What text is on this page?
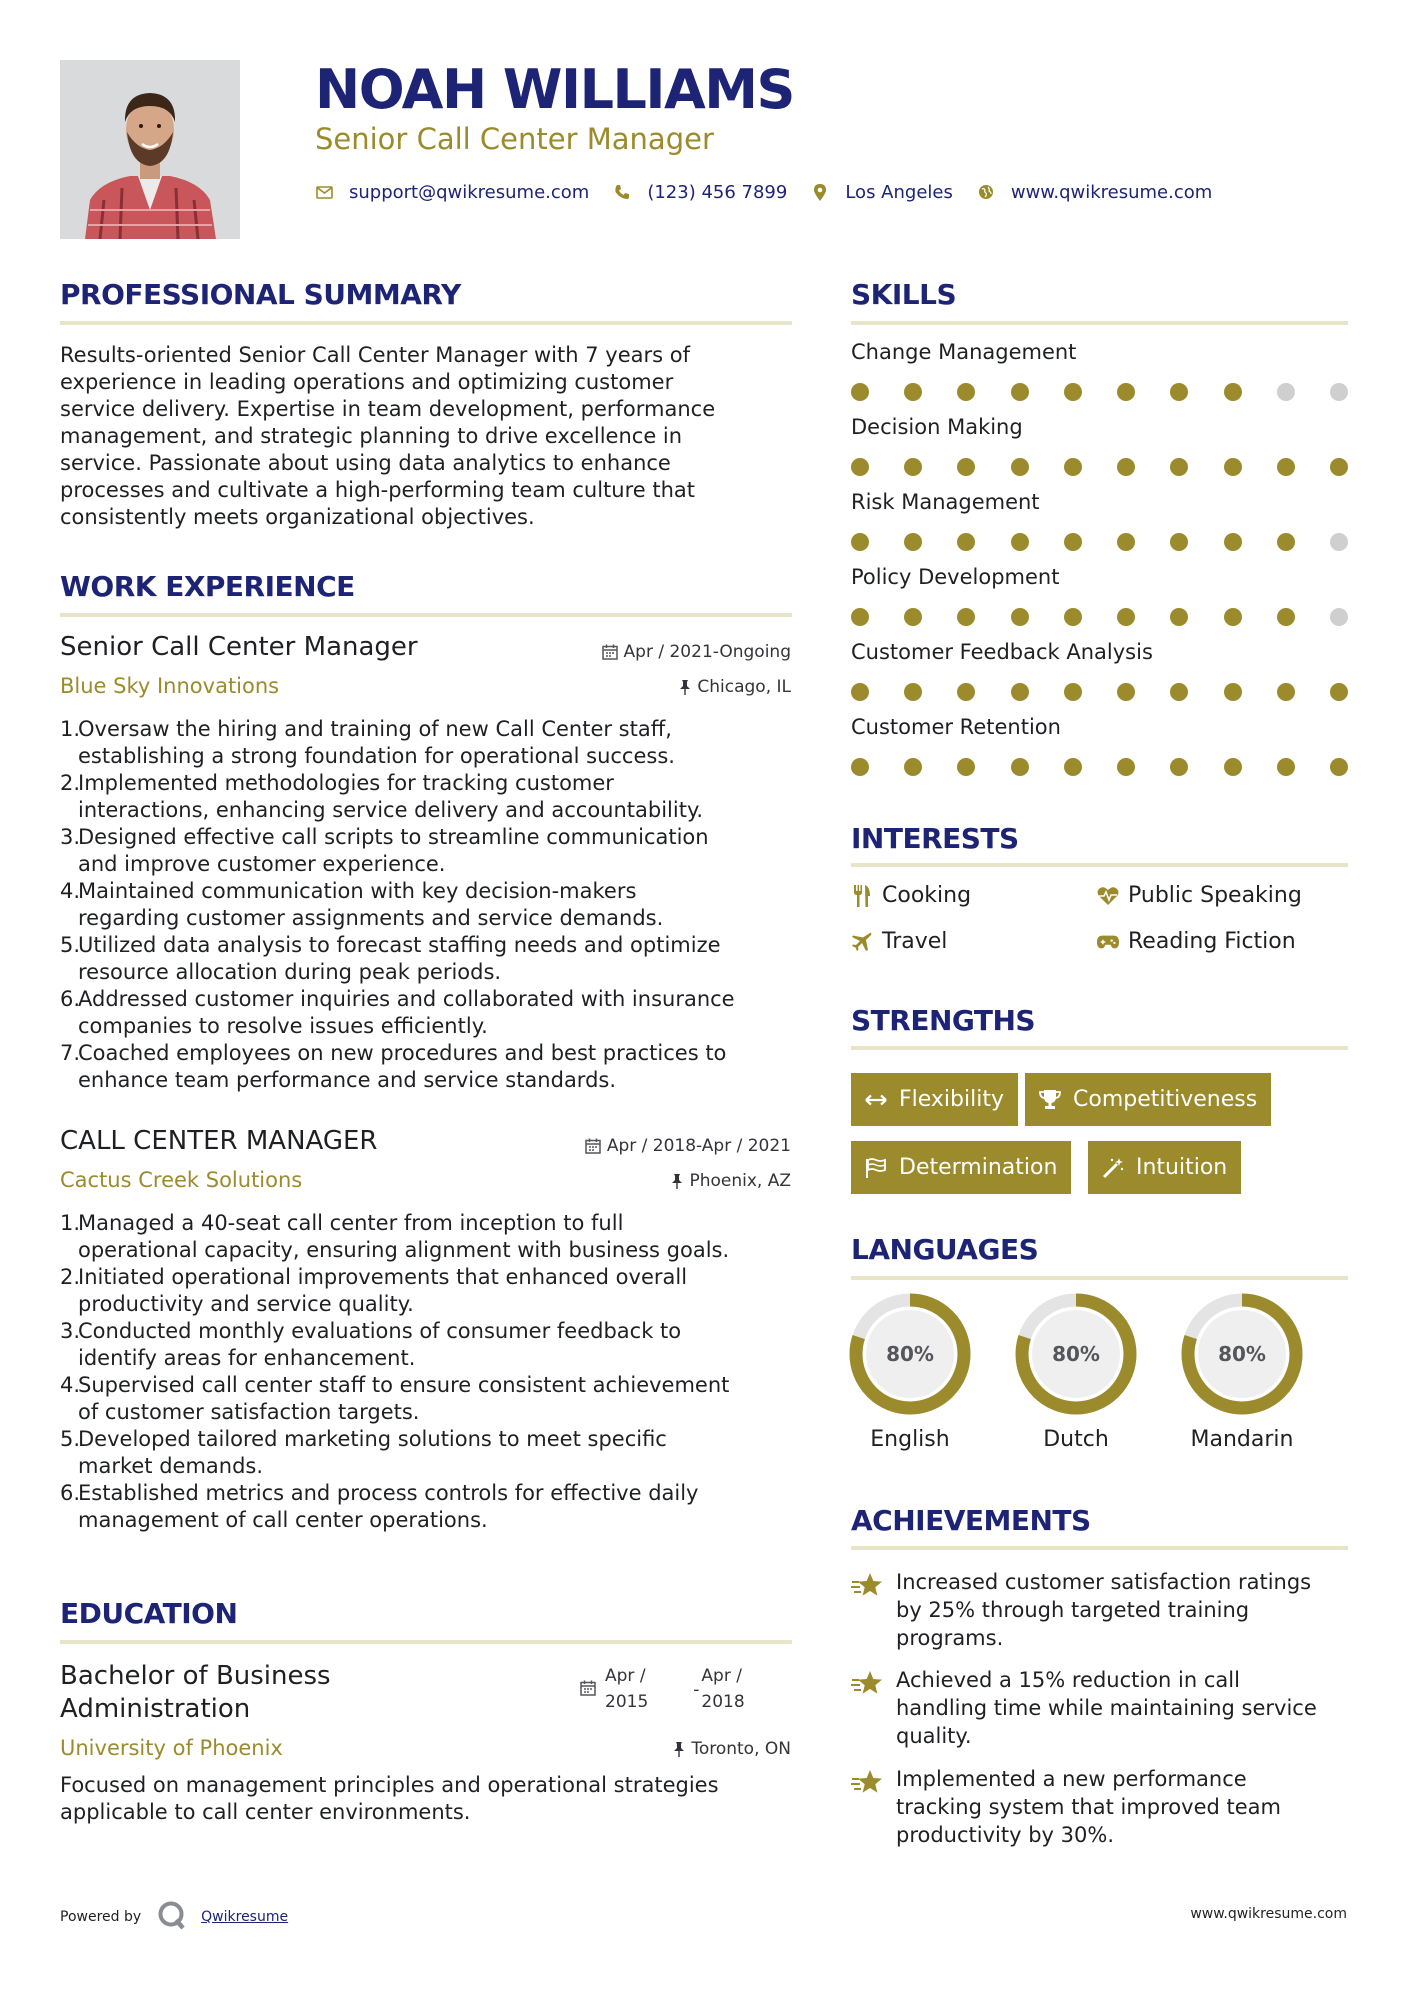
NOAH WILLIAMS
Senior Call Center Manager
support@qwikresume.com	(123) 456 7899	Los Angeles	www.qwikresume.com
PROFESSIONAL SUMMARY
Results-oriented Senior Call Center Manager with 7 years of
experience in leading operations and optimizing customer
service delivery. Expertise in team development, performance
management, and strategic planning to drive excellence in
service. Passionate about using data analytics to enhance
processes and cultivate a high-performing team culture that
consistently meets organizational objectives.
WORK EXPERIENCE
Senior Call Center Manager	Apr / 2021-Ongoing
Blue Sky Innovations	Chicago, IL
1.
Oversaw the hiring and training of new Call Center staff,
establishing a strong foundation for operational success.
2.
Implemented methodologies for tracking customer
interactions, enhancing service delivery and accountability.
3.
Designed effective call scripts to streamline communication
and improve customer experience.
4.
Maintained communication with key decision-makers
regarding customer assignments and service demands.
5.
Utilized data analysis to forecast staffing needs and optimize
resource allocation during peak periods.
6.
Addressed customer inquiries and collaborated with insurance
companies to resolve issues efficiently.
7.
Coached employees on new procedures and best practices to
enhance team performance and service standards.
CALL CENTER MANAGER	Apr / 2018-Apr / 2021
Cactus Creek Solutions	Phoenix, AZ
1.
Managed a 40-seat call center from inception to full
operational capacity, ensuring alignment with business goals.
2.
Initiated operational improvements that enhanced overall
productivity and service quality.
3.
Conducted monthly evaluations of consumer feedback to
identify areas for enhancement.
4.
Supervised call center staff to ensure consistent achievement
of customer satisfaction targets.
5.
Developed tailored marketing solutions to meet specific
market demands.
6.
Established metrics and process controls for effective daily
management of call center operations.
EDUCATION
Bachelor of Business
Administration
Apr /
2015
-
Apr /
2018
University of Phoenix	Toronto, ON
Focused on management principles and operational strategies
applicable to call center environments.
SKILLS
Change Management
Decision Making
Risk Management
Policy Development
Customer Feedback Analysis
Customer Retention
INTERESTS
Cooking	Public Speaking
Travel	Reading Fiction
STRENGTHS
Flexibility	Competitiveness
Determination	Intuition
LANGUAGES
80%
English
80%
Dutch
80%
Mandarin
ACHIEVEMENTS
Increased customer satisfaction ratings
by 25% through targeted training
programs.
Achieved a 15% reduction in call
handling time while maintaining service
quality.
Implemented a new performance
tracking system that improved team
productivity by 30%.
Powered by	Qwikresume	www.qwikresume.com
